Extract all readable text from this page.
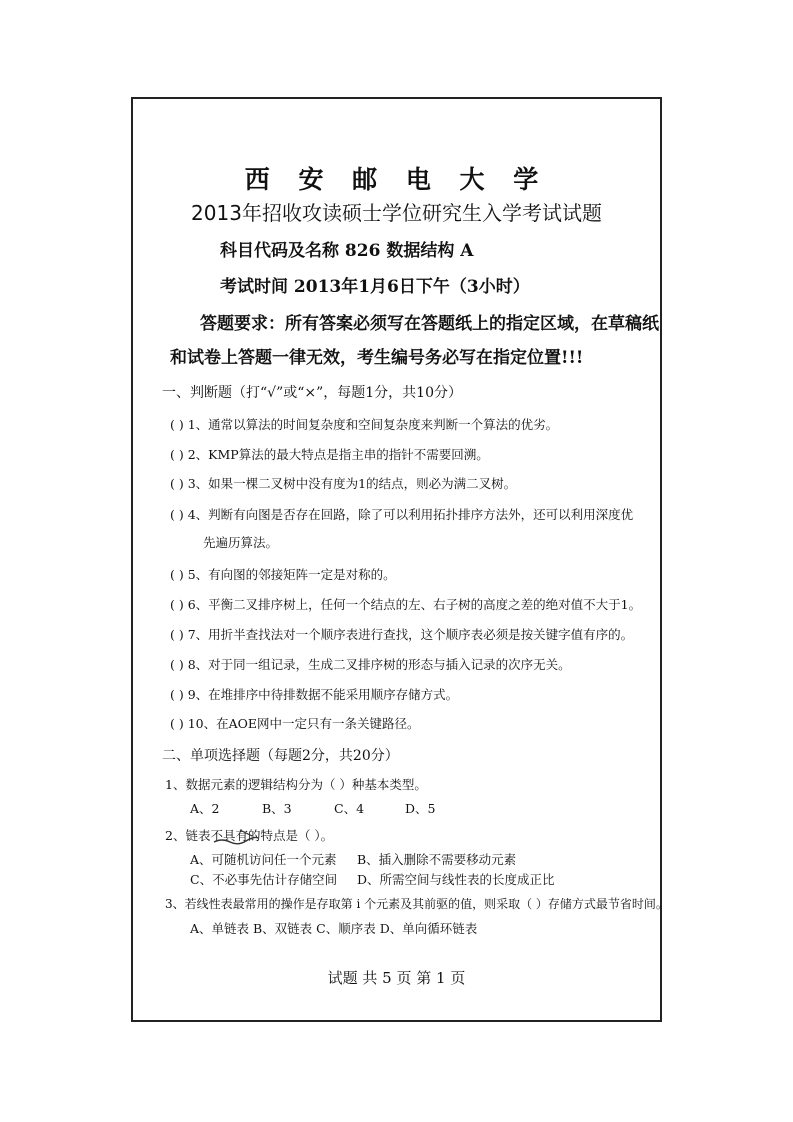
西 安 邮 电 大 学
2013年招收攻读硕士学位研究生入学考试试题
科目代码及名称 826 数据结构 A
考试时间 2013年1月6日下午（3小时）
答题要求：所有答案必须写在答题纸上的指定区域，在草稿纸
和试卷上答题一律无效，考生编号务必写在指定位置!!!
一、判断题（打“√”或“×”，每题1分，共10分）
( ) 1、通常以算法的时间复杂度和空间复杂度来判断一个算法的优劣。
( ) 2、KMP算法的最大特点是指主串的指针不需要回溯。
( ) 3、如果一棵二叉树中没有度为1的结点，则必为满二叉树。
( ) 4、判断有向图是否存在回路，除了可以利用拓扑排序方法外，还可以利用深度优
先遍历算法。
( ) 5、有向图的邻接矩阵一定是对称的。
( ) 6、平衡二叉排序树上，任何一个结点的左、右子树的高度之差的绝对值不大于1。
( ) 7、用折半查找法对一个顺序表进行查找，这个顺序表必须是按关键字值有序的。
( ) 8、对于同一组记录，生成二叉排序树的形态与插入记录的次序无关。
( ) 9、在堆排序中待排数据不能采用顺序存储方式。
( ) 10、在AOE网中一定只有一条关键路径。
二、单项选择题（每题2分，共20分）
1、数据元素的逻辑结构分为（ ）种基本类型。
A、2	B、3	C、4	D、5
2、链表不具有的特点是（ ）。
A、可随机访问任一个元素 B、插入删除不需要移动元素
C、不必事先估计存储空间 D、所需空间与线性表的长度成正比
3、若线性表最常用的操作是存取第 i 个元素及其前驱的值，则采取（ ）存储方式最节省时间。
A、单链表 B、双链表 C、顺序表 D、单向循环链表
试题 共 5 页 第 1 页
